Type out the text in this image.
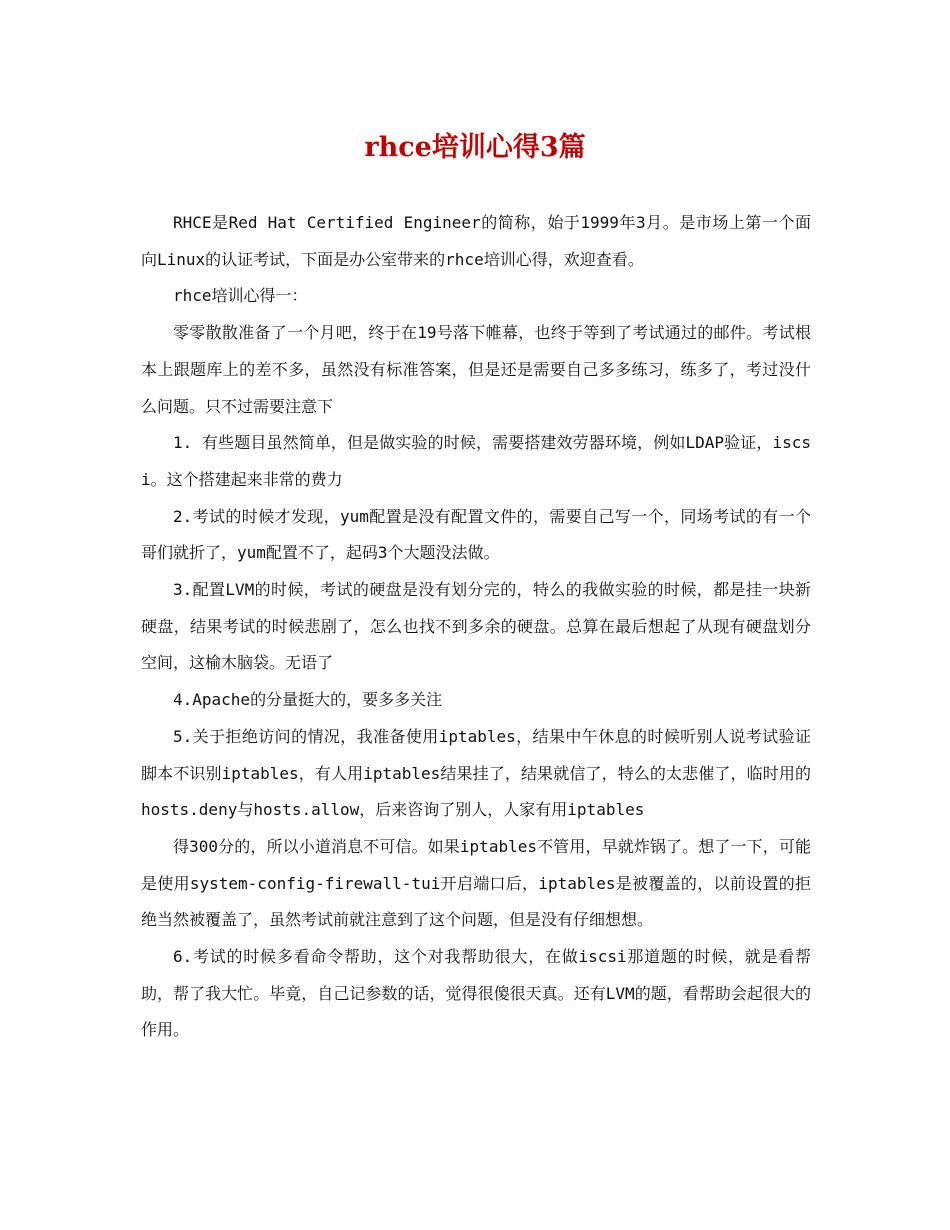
rhce培训心得3篇

RHCE是Red Hat Certified Engineer的简称，始于1999年3月。是市场上第一个面向Linux的认证考试，下面是办公室带来的rhce培训心得，欢迎查看。

rhce培训心得一：

零零散散准备了一个月吧，终于在19号落下帷幕，也终于等到了考试通过的邮件。考试根本上跟题库上的差不多，虽然没有标准答案，但是还是需要自己多多练习，练多了，考过没什么问题。只不过需要注意下

1. 有些题目虽然简单，但是做实验的时候，需要搭建效劳器环境，例如LDAP验证，iscsi。这个搭建起来非常的费力

2.考试的时候才发现，yum配置是没有配置文件的，需要自己写一个，同场考试的有一个哥们就折了，yum配置不了，起码3个大题没法做。

3.配置LVM的时候，考试的硬盘是没有划分完的，特么的我做实验的时候，都是挂一块新硬盘，结果考试的时候悲剧了，怎么也找不到多余的硬盘。总算在最后想起了从现有硬盘划分空间，这榆木脑袋。无语了

4.Apache的分量挺大的，要多多关注

5.关于拒绝访问的情况，我准备使用iptables，结果中午休息的时候听别人说考试验证脚本不识别iptables，有人用iptables结果挂了，结果就信了，特么的太悲催了，临时用的hosts.deny与hosts.allow，后来咨询了别人，人家有用iptables

得300分的，所以小道消息不可信。如果iptables不管用，早就炸锅了。想了一下，可能是使用system-config-firewall-tui开启端口后，iptables是被覆盖的，以前设置的拒绝当然被覆盖了，虽然考试前就注意到了这个问题，但是没有仔细想想。

6.考试的时候多看命令帮助，这个对我帮助很大，在做iscsi那道题的时候，就是看帮助，帮了我大忙。毕竟，自己记参数的话，觉得很傻很天真。还有LVM的题，看帮助会起很大的作用。
